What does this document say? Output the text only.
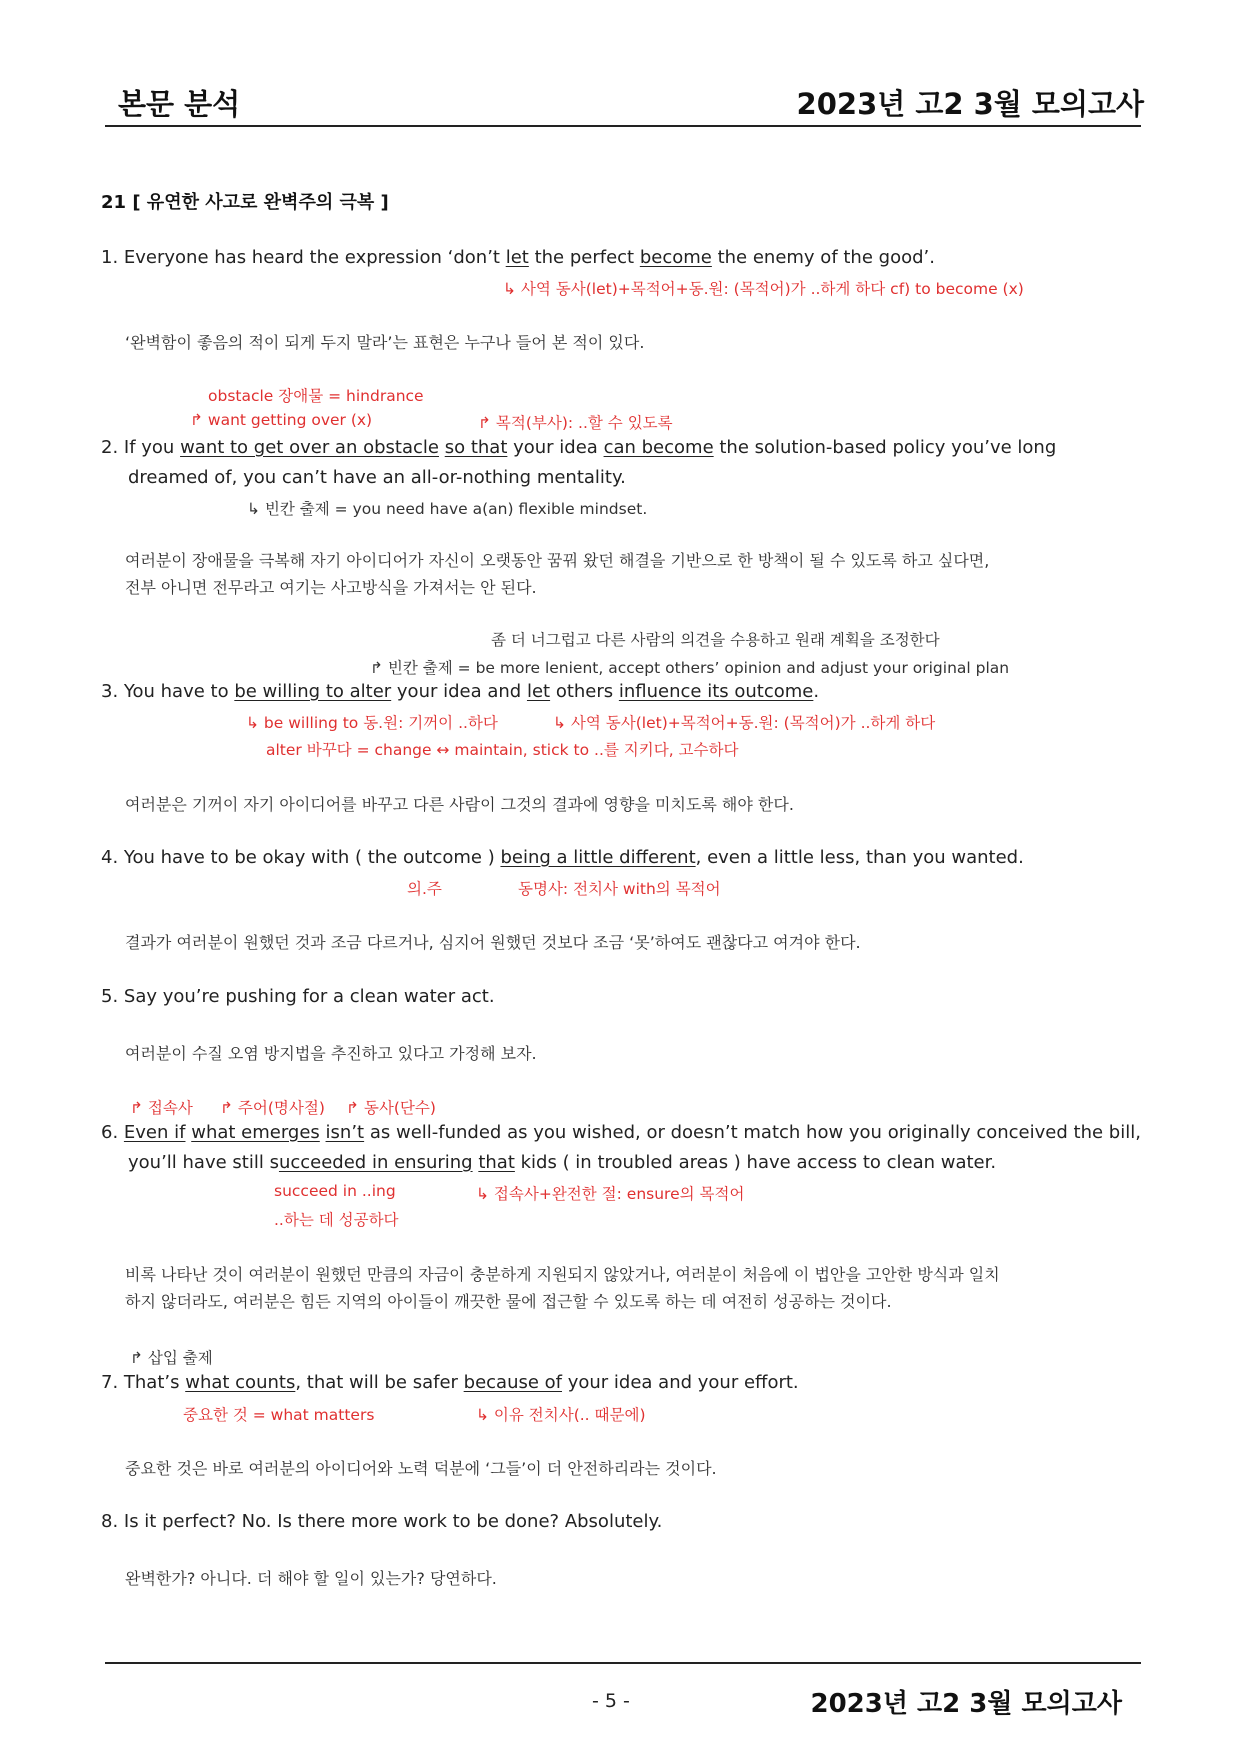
본문 분석	2023년 고2 3월 모의고사
21 [ 유연한 사고로 완벽주의 극복 ]
1. Everyone has heard the expression ‘don’t let the perfect become the enemy of the good’.
↳ 사역 동사(let)+목적어+동.원: (목적어)가 ..하게 하다 cf) to become (x)
‘완벽함이 좋음의 적이 되게 두지 말라’는 표현은 누구나 들어 본 적이 있다.
obstacle 장애물 = hindrance
↱ want getting over (x)	↱ 목적(부사): ..할 수 있도록
2. If you want to get over an obstacle so that your idea can become the solution-based policy you’ve long
dreamed of, you can’t have an all-or-nothing mentality.
↳ 빈칸 출제 = you need have a(an) flexible mindset.
여러분이 장애물을 극복해 자기 아이디어가 자신이 오랫동안 꿈꿔 왔던 해결을 기반으로 한 방책이 될 수 있도록 하고 싶다면,
전부 아니면 전무라고 여기는 사고방식을 가져서는 안 된다.
좀 더 너그럽고 다른 사람의 의견을 수용하고 원래 계획을 조정한다
↱ 빈칸 출제 = be more lenient, accept others’ opinion and adjust your original plan
3. You have to be willing to alter your idea and let others influence its outcome.
↳ be willing to 동.원: 기꺼이 ..하다	↳ 사역 동사(let)+목적어+동.원: (목적어)가 ..하게 하다
alter 바꾸다 = change ↔ maintain, stick to ..를 지키다, 고수하다
여러분은 기꺼이 자기 아이디어를 바꾸고 다른 사람이 그것의 결과에 영향을 미치도록 해야 한다.
4. You have to be okay with ( the outcome ) being a little different, even a little less, than you wanted.
의.주	동명사: 전치사 with의 목적어
결과가 여러분이 원했던 것과 조금 다르거나, 심지어 원했던 것보다 조금 ‘못’하여도 괜찮다고 여겨야 한다.
5. Say you’re pushing for a clean water act.
여러분이 수질 오염 방지법을 추진하고 있다고 가정해 보자.
↱ 접속사 ↱ 주어(명사절) ↱ 동사(단수)
6. Even if what emerges isn’t as well-funded as you wished, or doesn’t match how you originally conceived the bill,
you’ll have still succeeded in ensuring that kids ( in troubled areas ) have access to clean water.
succeed in ..ing	↳ 접속사+완전한 절: ensure의 목적어
..하는 데 성공하다
비록 나타난 것이 여러분이 원했던 만큼의 자금이 충분하게 지원되지 않았거나, 여러분이 처음에 이 법안을 고안한 방식과 일치
하지 않더라도, 여러분은 힘든 지역의 아이들이 깨끗한 물에 접근할 수 있도록 하는 데 여전히 성공하는 것이다.
↱ 삽입 출제
7. That’s what counts, that will be safer because of your idea and your effort.
중요한 것 = what matters	↳ 이유 전치사(.. 때문에)
중요한 것은 바로 여러분의 아이디어와 노력 덕분에 ‘그들’이 더 안전하리라는 것이다.
8. Is it perfect? No. Is there more work to be done? Absolutely.
완벽한가? 아니다. 더 해야 할 일이 있는가? 당연하다.
- 5 -	2023년 고2 3월 모의고사
